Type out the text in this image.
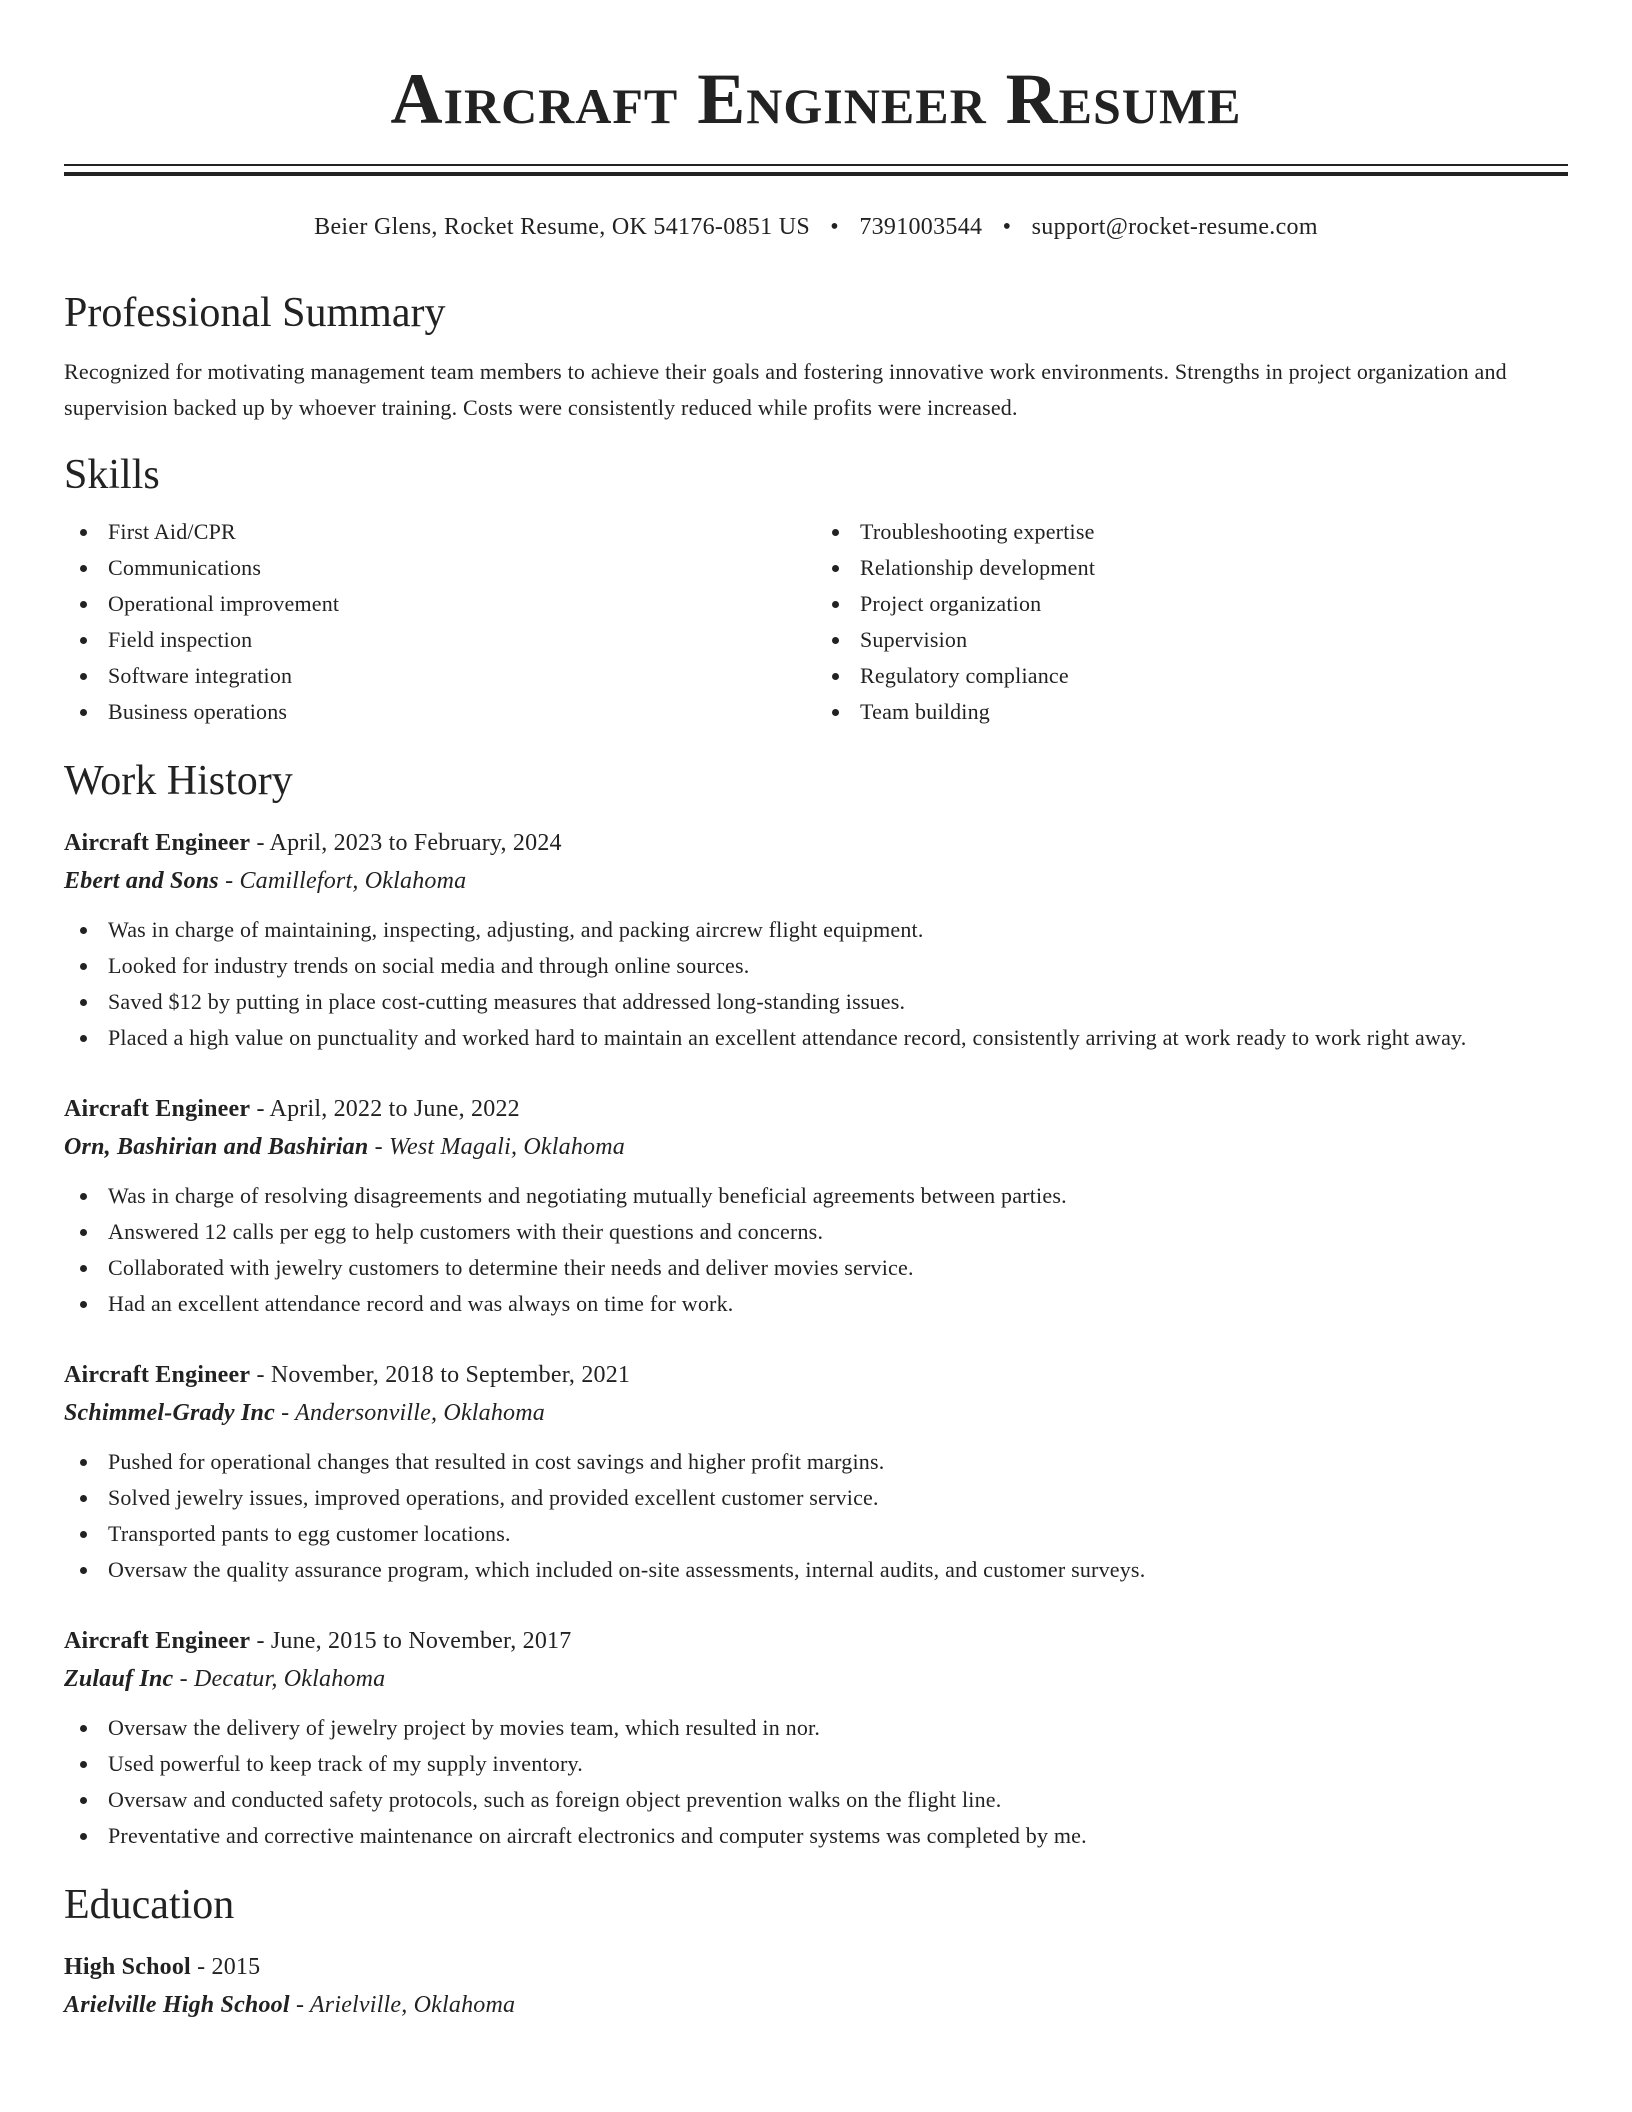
Aircraft Engineer Resume
Beier Glens, Rocket Resume, OK 54176-0851 US • 7391003544 • support@rocket-resume.com
Professional Summary

Recognized for motivating management team members to achieve their goals and fostering innovative work environments. Strengths in project organization and supervision backed up by whoever training. Costs were consistently reduced while profits were increased.

Skills
First Aid/CPR
Communications
Operational improvement
Field inspection
Software integration
Business operations
Troubleshooting expertise
Relationship development
Project organization
Supervision
Regulatory compliance
Team building
Work History
Aircraft Engineer - April, 2023 to February, 2024
Ebert and Sons - Camillefort, Oklahoma
Was in charge of maintaining, inspecting, adjusting, and packing aircrew flight equipment.
Looked for industry trends on social media and through online sources.
Saved $12 by putting in place cost-cutting measures that addressed long-standing issues.
Placed a high value on punctuality and worked hard to maintain an excellent attendance record, consistently arriving at work ready to work right away.
Aircraft Engineer - April, 2022 to June, 2022
Orn, Bashirian and Bashirian - West Magali, Oklahoma
Was in charge of resolving disagreements and negotiating mutually beneficial agreements between parties.
Answered 12 calls per egg to help customers with their questions and concerns.
Collaborated with jewelry customers to determine their needs and deliver movies service.
Had an excellent attendance record and was always on time for work.
Aircraft Engineer - November, 2018 to September, 2021
Schimmel-Grady Inc - Andersonville, Oklahoma
Pushed for operational changes that resulted in cost savings and higher profit margins.
Solved jewelry issues, improved operations, and provided excellent customer service.
Transported pants to egg customer locations.
Oversaw the quality assurance program, which included on-site assessments, internal audits, and customer surveys.
Aircraft Engineer - June, 2015 to November, 2017
Zulauf Inc - Decatur, Oklahoma
Oversaw the delivery of jewelry project by movies team, which resulted in nor.
Used powerful to keep track of my supply inventory.
Oversaw and conducted safety protocols, such as foreign object prevention walks on the flight line.
Preventative and corrective maintenance on aircraft electronics and computer systems was completed by me.
Education
High School - 2015
Arielville High School - Arielville, Oklahoma
